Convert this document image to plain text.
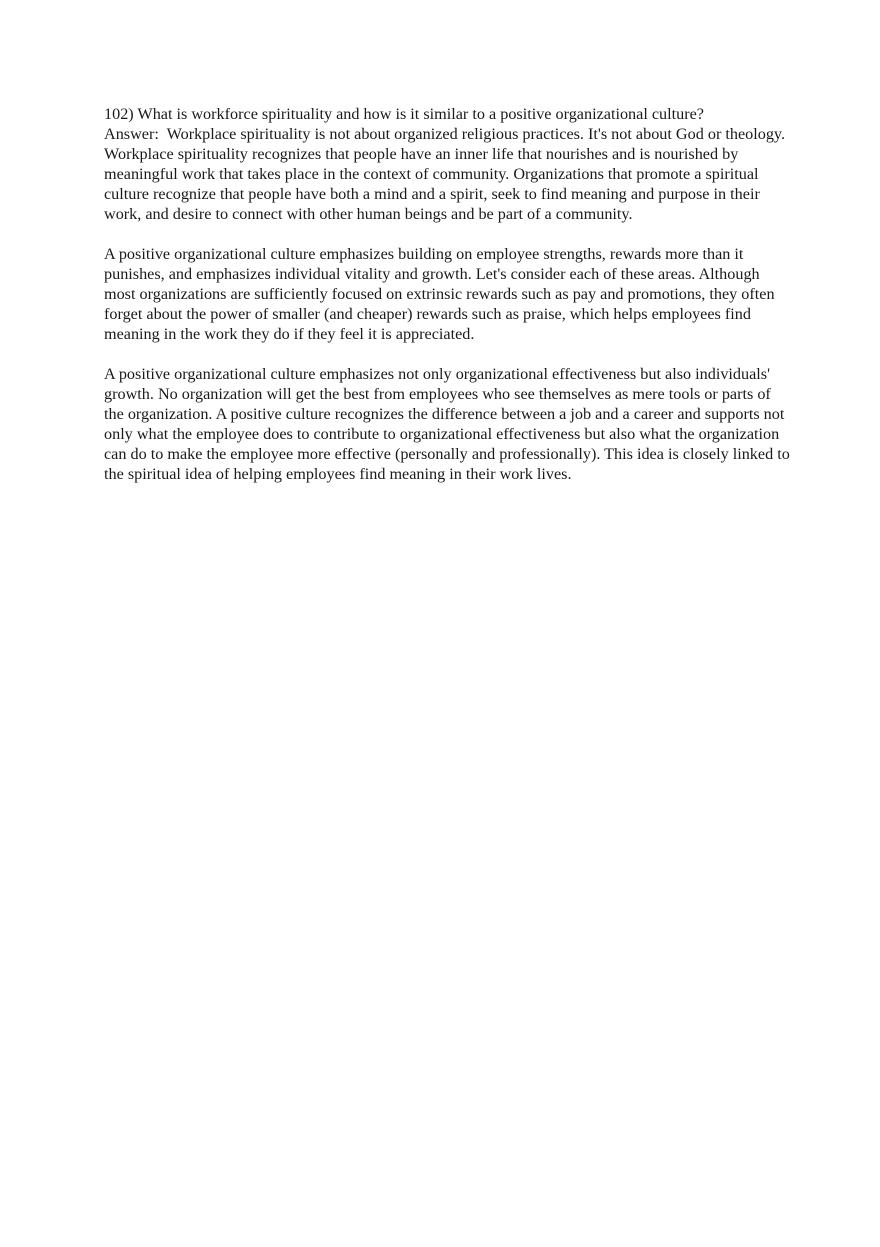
102) What is workforce spirituality and how is it similar to a positive organizational culture?

Answer: Workplace spirituality is not about organized religious practices. It's not about God or theology. Workplace spirituality recognizes that people have an inner life that nourishes and is nourished by meaningful work that takes place in the context of community. Organizations that promote a spiritual culture recognize that people have both a mind and a spirit, seek to find meaning and purpose in their work, and desire to connect with other human beings and be part of a community.

A positive organizational culture emphasizes building on employee strengths, rewards more than it punishes, and emphasizes individual vitality and growth. Let's consider each of these areas. Although most organizations are sufficiently focused on extrinsic rewards such as pay and promotions, they often forget about the power of smaller (and cheaper) rewards such as praise, which helps employees find meaning in the work they do if they feel it is appreciated.

A positive organizational culture emphasizes not only organizational effectiveness but also individuals' growth. No organization will get the best from employees who see themselves as mere tools or parts of the organization. A positive culture recognizes the difference between a job and a career and supports not only what the employee does to contribute to organizational effectiveness but also what the organization can do to make the employee more effective (personally and professionally). This idea is closely linked to the spiritual idea of helping employees find meaning in their work lives.
